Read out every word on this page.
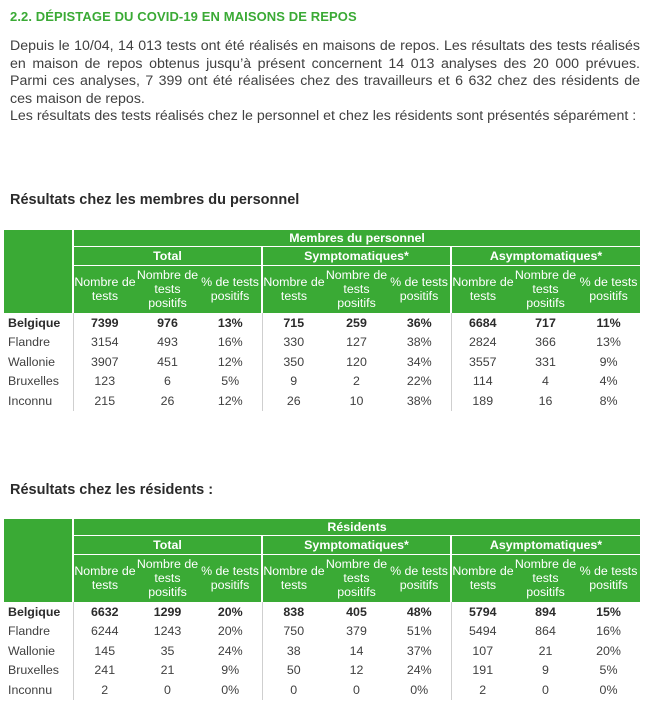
2.2. DÉPISTAGE DU COVID-19 EN MAISONS DE REPOS

Depuis le 10/04, 14 013 tests ont été réalisés en maisons de repos. Les résultats des tests réalisés en maison de repos obtenus jusqu’à présent concernent 14 013 analyses des 20 000 prévues. Parmi ces analyses, 7 399 ont été réalisées chez des travailleurs et 6 632 chez des résidents de ces maison de repos.

Les résultats des tests réalisés chez le personnel et chez les résidents sont présentés séparément :

Résultats chez les membres du personnel
	Membres du personnel								
	Total			Symptomatiques*			Asymptomatiques*		
	Nombre de tests	Nombre de tests positifs	% de tests positifs	Nombre de tests	Nombre de tests positifs	% de tests positifs	Nombre de tests	Nombre de tests positifs	% de tests positifs
Belgique	7399	976	13%	715	259	36%	6684	717	11%
Flandre	3154	493	16%	330	127	38%	2824	366	13%
Wallonie	3907	451	12%	350	120	34%	3557	331	9%
Bruxelles	123	6	5%	9	2	22%	114	4	4%
Inconnu	215	26	12%	26	10	38%	189	16	8%
Résultats chez les résidents :
	Résidents								
	Total			Symptomatiques*			Asymptomatiques*		
	Nombre de tests	Nombre de tests positifs	% de tests positifs	Nombre de tests	Nombre de tests positifs	% de tests positifs	Nombre de tests	Nombre de tests positifs	% de tests positifs
Belgique	6632	1299	20%	838	405	48%	5794	894	15%
Flandre	6244	1243	20%	750	379	51%	5494	864	16%
Wallonie	145	35	24%	38	14	37%	107	21	20%
Bruxelles	241	21	9%	50	12	24%	191	9	5%
Inconnu	2	0	0%	0	0	0%	2	0	0%
